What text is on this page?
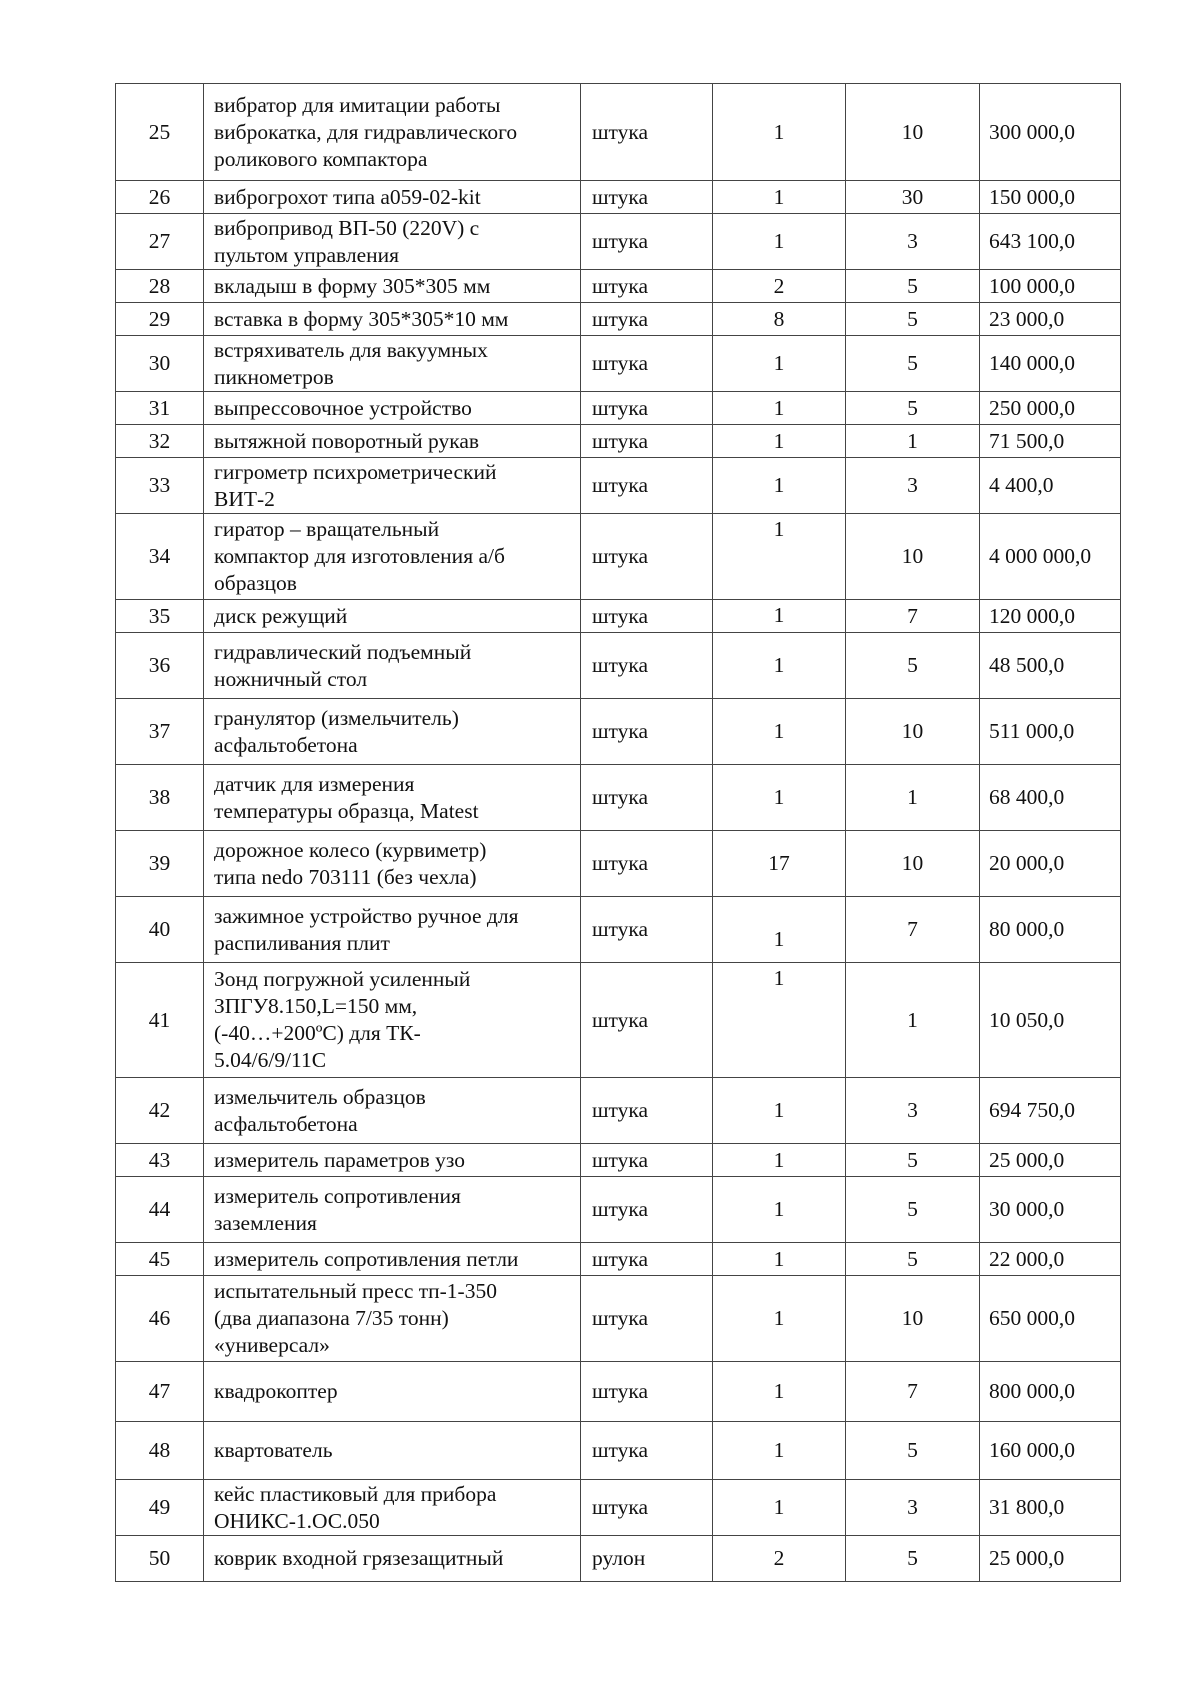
25	вибратор для имитации работы
виброкатка, для гидравлического
роликового компактора	штука	1	10	300 000,0
26	виброгрохот типа а059-02-kit	штука	1	30	150 000,0
27	вибропривод ВП-50 (220V) с
пультом управления	штука	1	3	643 100,0
28	вкладыш в форму 305*305 мм	штука	2	5	100 000,0
29	вставка в форму 305*305*10 мм	штука	8	5	23 000,0
30	встряхиватель для вакуумных
пикнометров	штука	1	5	140 000,0
31	выпрессовочное устройство	штука	1	5	250 000,0
32	вытяжной поворотный рукав	штука	1	1	71 500,0
33	гигрометр психрометрический
ВИТ-2	штука	1	3	4 400,0
34	гиратор – вращательный
компактор для изготовления а/б
образцов	штука	1	10	4 000 000,0
35	диск режущий	штука	1	7	120 000,0
36	гидравлический подъемный
ножничный стол	штука	1	5	48 500,0
37	гранулятор (измельчитель)
асфальтобетона	штука	1	10	511 000,0
38	датчик для измерения
температуры образца, Matest	штука	1	1	68 400,0
39	дорожное колесо (курвиметр)
типа nedo 703111 (без чехла)	штука	17	10	20 000,0
40	зажимное устройство ручное для
распиливания плит	штука	1	7	80 000,0
41	Зонд погружной усиленный
ЗПГУ8.150,L=150 мм,
(-40…+200ºС) для ТК-
5.04/6/9/11С	штука	1	1	10 050,0
42	измельчитель образцов
асфальтобетона	штука	1	3	694 750,0
43	измеритель параметров узо	штука	1	5	25 000,0
44	измеритель сопротивления
заземления	штука	1	5	30 000,0
45	измеритель сопротивления петли	штука	1	5	22 000,0
46	испытательный пресс тп-1-350
(два диапазона 7/35 тонн)
«универсал»	штука	1	10	650 000,0
47	квадрокоптер	штука	1	7	800 000,0
48	квартователь	штука	1	5	160 000,0
49	кейс пластиковый для прибора
ОНИКС-1.ОС.050	штука	1	3	31 800,0
50	коврик входной грязезащитный	рулон	2	5	25 000,0
